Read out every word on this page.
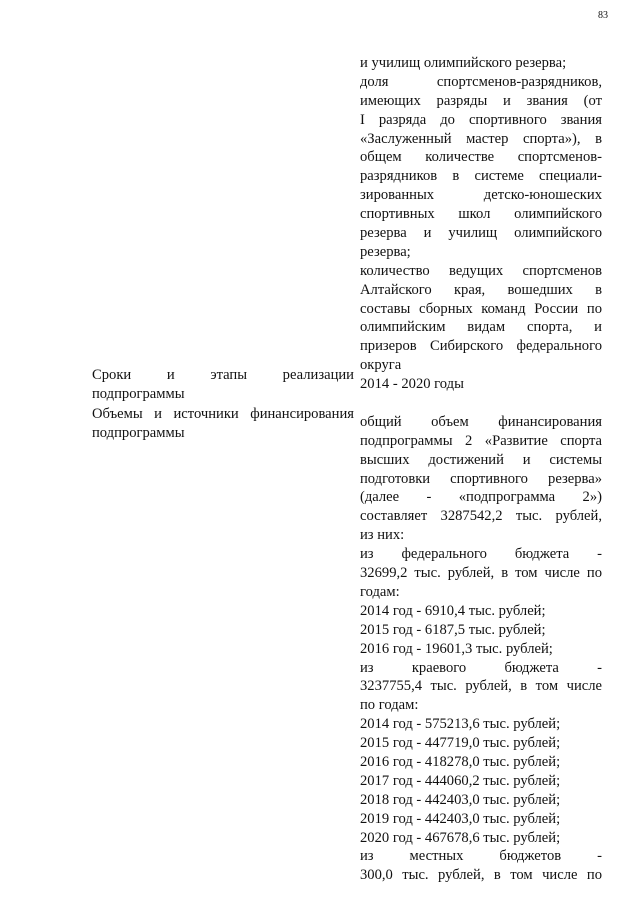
83
и училищ олимпийского резерва;
доля спортсменов-разрядников,
имеющих разряды и звания (от
I разряда до спортивного звания
«Заслуженный мастер спорта»), в
общем количестве спортсменов-
разрядников в системе специали-
зированных детско-юношеских
спортивных школ олимпийского
резерва и училищ олимпийского
резерва;
количество ведущих спортсменов
Алтайского края, вошедших в
составы сборных команд России по
олимпийским видам спорта, и
призеров Сибирского федерального
округа
2014 - 2020 годы
общий объем финансирования
подпрограммы 2 «Развитие спорта
высших достижений и системы
подготовки спортивного резерва»
(далее - «подпрограмма 2»)
составляет 3287542,2 тыс. рублей,
из них:
из федерального бюджета -
32699,2 тыс. рублей, в том числе по
годам:
2014 год - 6910,4 тыс. рублей;
2015 год - 6187,5 тыс. рублей;
2016 год - 19601,3 тыс. рублей;
из краевого бюджета -
3237755,4 тыс. рублей, в том числе
по годам:
2014 год - 575213,6 тыс. рублей;
2015 год - 447719,0 тыс. рублей;
2016 год - 418278,0 тыс. рублей;
2017 год - 444060,2 тыс. рублей;
2018 год - 442403,0 тыс. рублей;
2019 год - 442403,0 тыс. рублей;
2020 год - 467678,6 тыс. рублей;
из местных бюджетов -
300,0 тыс. рублей, в том числе по
Сроки и этапы реализации
подпрограммы
Объемы и источники финансирования
подпрограммы
